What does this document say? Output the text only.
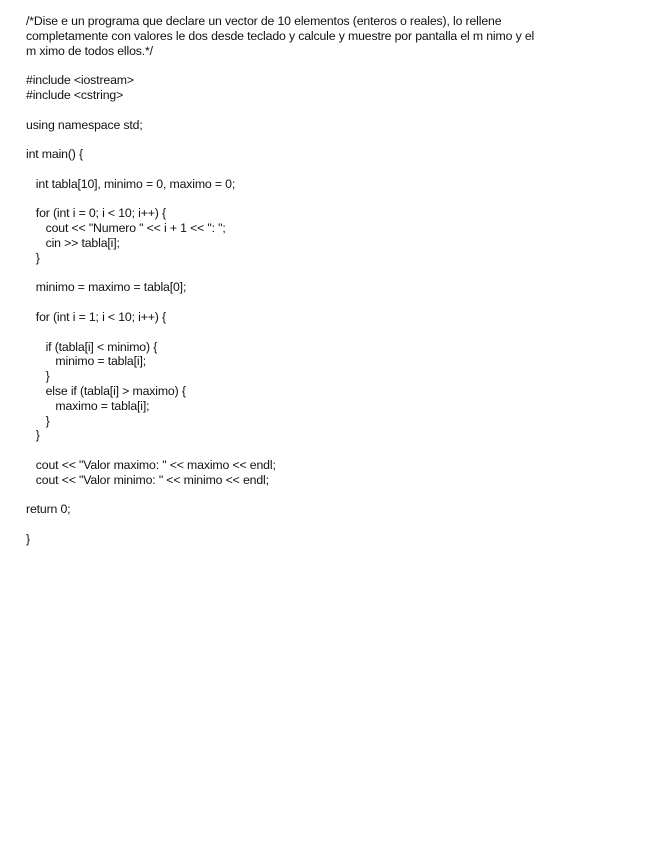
/*Dise e un programa que declare un vector de 10 elementos (enteros o reales), lo rellene
completamente con valores le dos desde teclado y calcule y muestre por pantalla el m nimo y el
m ximo de todos ellos.*/
#include <iostream>
#include <cstring>
using namespace std;
int main() {
int tabla[10], minimo = 0, maximo = 0;
for (int i = 0; i < 10; i++) {
cout << "Numero " << i + 1 << ": ";
cin >> tabla[i];
}
minimo = maximo = tabla[0];
for (int i = 1; i < 10; i++) {
if (tabla[i] < minimo) {
minimo = tabla[i];
}
else if (tabla[i] > maximo) {
maximo = tabla[i];
}
}
cout << "Valor maximo: " << maximo << endl;
cout << "Valor minimo: " << minimo << endl;
return 0;
}
